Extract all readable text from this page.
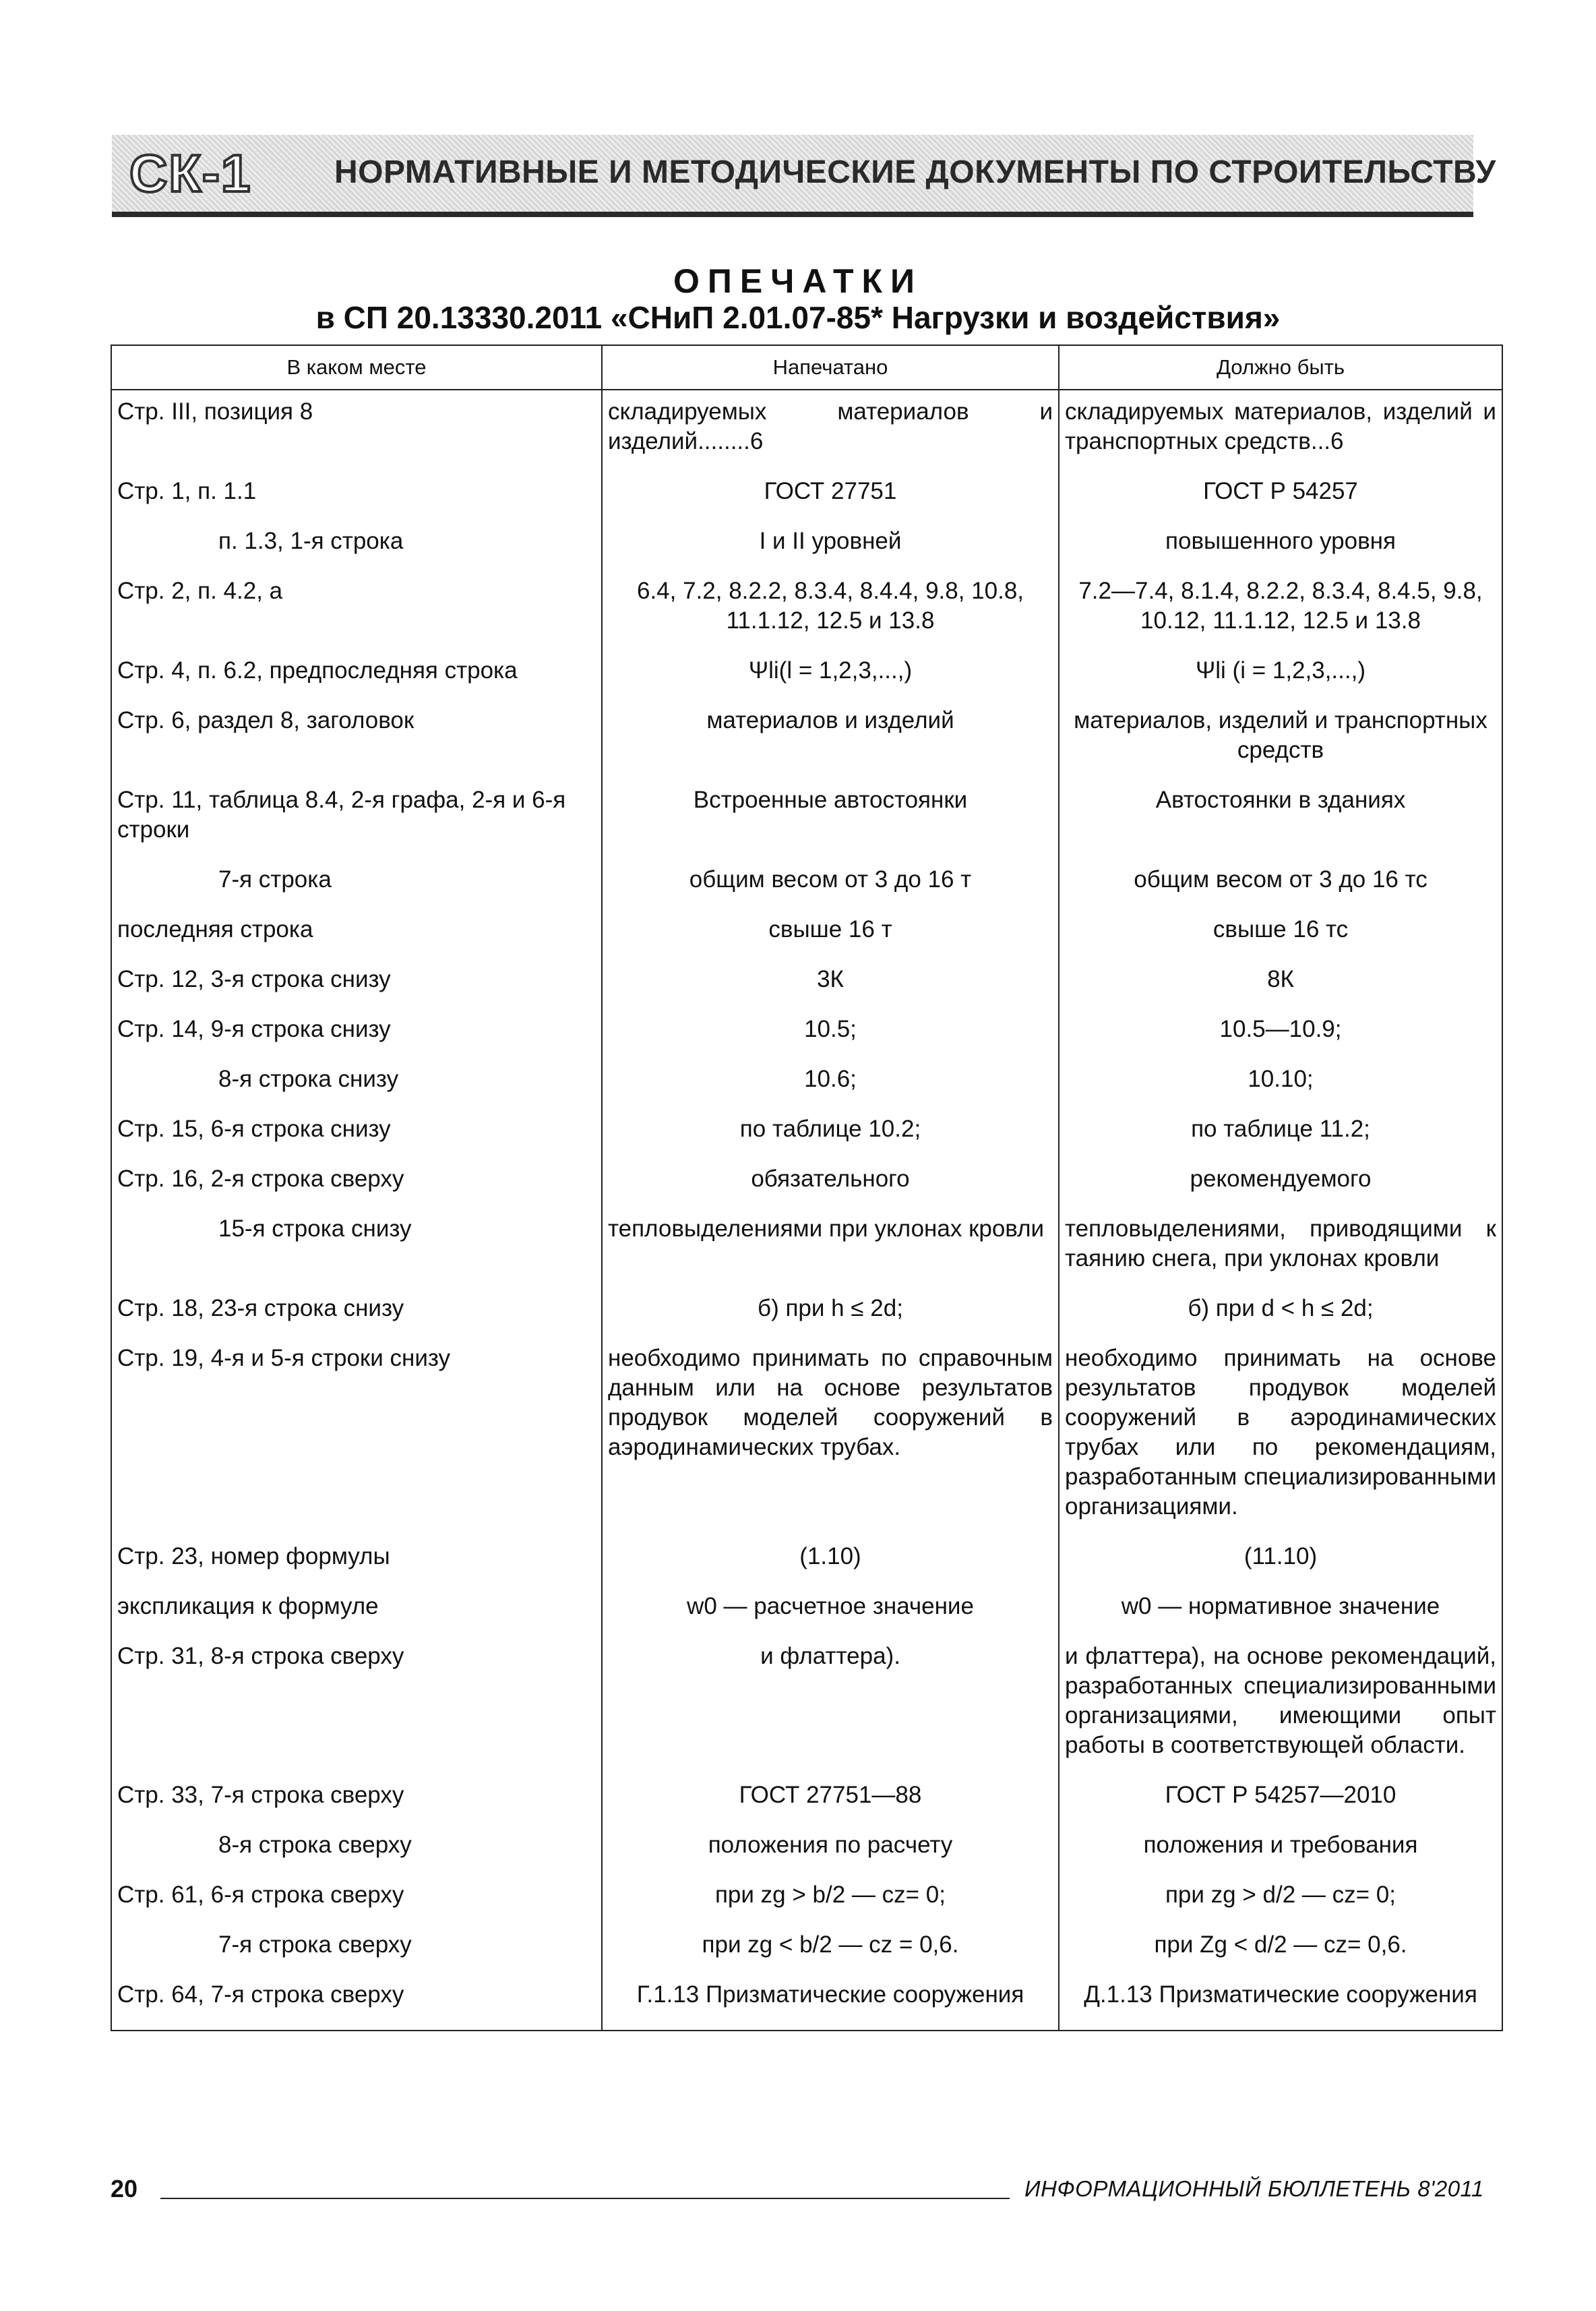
СК-1	НОРМАТИВНЫЕ И МЕТОДИЧЕСКИЕ ДОКУМЕНТЫ ПО СТРОИТЕЛЬСТВУ
ОПЕЧАТКИ
в СП 20.13330.2011 «СНиП 2.01.07-85* Нагрузки и воздействия»
В каком месте	Напечатано	Должно быть
Стр. III, позиция 8	складируемых материалов и изделий........6	складируемых материалов, изделий и транспортных средств...6
Стр. 1, п. 1.1	ГОСТ 27751	ГОСТ Р 54257
п. 1.3, 1-я строка	I и II уровней	повышенного уровня
Стр. 2, п. 4.2, а	6.4, 7.2, 8.2.2, 8.3.4, 8.4.4, 9.8, 10.8, 11.1.12, 12.5 и 13.8	7.2—7.4, 8.1.4, 8.2.2, 8.3.4, 8.4.5, 9.8, 10.12, 11.1.12, 12.5 и 13.8
Стр. 4, п. 6.2, предпоследняя строка	Ψli(l = 1,2,3,...,)	Ψli (i = 1,2,3,...,)
Стр. 6, раздел 8, заголовок	материалов и изделий	материалов, изделий и транспортных средств
Стр. 11, таблица 8.4, 2-я графа, 2-я и 6-я строки	Встроенные автостоянки	Автостоянки в зданиях
7-я строка	общим весом от 3 до 16 т	общим весом от 3 до 16 тс
последняя строка	свыше 16 т	свыше 16 тс
Стр. 12, 3-я строка снизу	3К	8К
Стр. 14, 9-я строка снизу	10.5;	10.5—10.9;
8-я строка снизу	10.6;	10.10;
Стр. 15, 6-я строка снизу	по таблице 10.2;	по таблице 11.2;
Стр. 16, 2-я строка сверху	обязательного	рекомендуемого
15-я строка снизу	тепловыделениями при уклонах кровли	тепловыделениями, приводящими к таянию снега, при уклонах кровли
Стр. 18, 23-я строка снизу	б) при h ≤ 2d;	б) при d < h ≤ 2d;
Стр. 19, 4-я и 5-я строки снизу	необходимо принимать по справочным данным или на основе результатов продувок моделей сооружений в аэродинамических трубах.	необходимо принимать на основе результатов продувок моделей сооружений в аэродинамических трубах или по рекомендациям, разработанным специализированными организациями.
Стр. 23, номер формулы	(1.10)	(11.10)
экспликация к формуле	w0 — расчетное значение	w0 — нормативное значение
Стр. 31, 8-я строка сверху	и флаттера).	и флаттера), на основе рекомендаций, разработанных специализированными организациями, имеющими опыт работы в соответствующей области.
Стр. 33, 7-я строка сверху	ГОСТ 27751—88	ГОСТ Р 54257—2010
8-я строка сверху	положения по расчету	положения и требования
Стр. 61, 6-я строка сверху	при zg > b/2 — cz= 0;	при zg > d/2 — cz= 0;
7-я строка сверху	при zg < b/2 — cz = 0,6.	при Zg < d/2 — cz= 0,6.
Стр. 64, 7-я строка сверху	Г.1.13 Призматические сооружения	Д.1.13 Призматические сооружения
20	ИНФОРМАЦИОННЫЙ БЮЛЛЕТЕНЬ 8'2011
